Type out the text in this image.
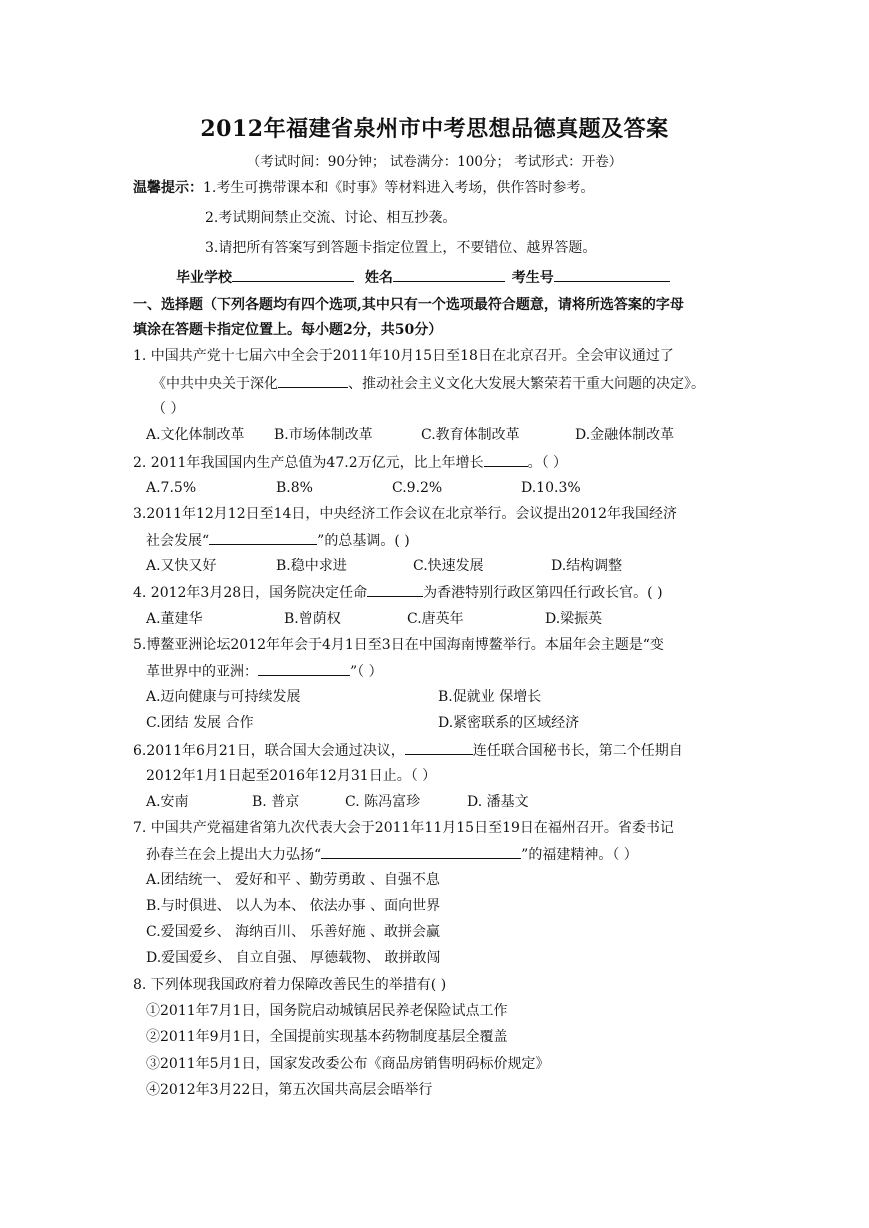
2012年福建省泉州市中考思想品德真题及答案
（考试时间：90分钟； 试卷满分：100分； 考试形式：开卷）
温馨提示：1.考生可携带课本和《时事》等材料进入考场，供作答时参考。
2.考试期间禁止交流、讨论、相互抄袭。
3.请把所有答案写到答题卡指定位置上，不要错位、越界答题。
毕业学校	姓名	考生号
一、选择题（下列各题均有四个选项,其中只有一个选项最符合题意，请将所选答案的字母
填涂在答题卡指定位置上。每小题2分，共50分）
1. 中国共产党十七届六中全会于2011年10月15日至18日在北京召开。全会审议通过了
《中共中央关于深化	、推动社会主义文化大发展大繁荣若干重大问题的决定》。
（ ）
A.文化体制改革 B.市场体制改革	C.教育体制改革	D.金融体制改革
2. 2011年我国国内生产总值为47.2万亿元，比上年增长	。（ ）
A.7.5%	B.8%	C.9.2%	D.10.3%
3.2011年12月12日至14日，中央经济工作会议在北京举行。会议提出2012年我国经济
社会发展“	”的总基调。( )
A.又快又好	B.稳中求进	C.快速发展	D.结构调整
4. 2012年3月28日，国务院决定任命	为香港特别行政区第四任行政长官。( )
A.董建华	B.曾荫权	C.唐英年	D.梁振英
5.博鳌亚洲论坛2012年年会于4月1日至3日在中国海南博鳌举行。本届年会主题是“变
革世界中的亚洲：	”（ ）
A.迈向健康与可持续发展	B.促就业 保增长
C.团结 发展 合作	D.紧密联系的区域经济
6.2011年6月21日，联合国大会通过决议，	连任联合国秘书长，第二个任期自
2012年1月1日起至2016年12月31日止。（ ）
A.安南	B. 普京	C. 陈冯富珍	D. 潘基文
7. 中国共产党福建省第九次代表大会于2011年11月15日至19日在福州召开。省委书记
孙春兰在会上提出大力弘扬“	”的福建精神。（ ）
A.团结统一、 爱好和平 、勤劳勇敢 、自强不息
B.与时俱进、 以人为本、 依法办事 、面向世界
C.爱国爱乡、 海纳百川、 乐善好施 、敢拼会赢
D.爱国爱乡、 自立自强、 厚德载物、 敢拼敢闯
8. 下列体现我国政府着力保障改善民生的举措有( )
①2011年7月1日，国务院启动城镇居民养老保险试点工作
②2011年9月1日，全国提前实现基本药物制度基层全覆盖
③2011年5月1日，国家发改委公布《商品房销售明码标价规定》
④2012年3月22日，第五次国共高层会晤举行
